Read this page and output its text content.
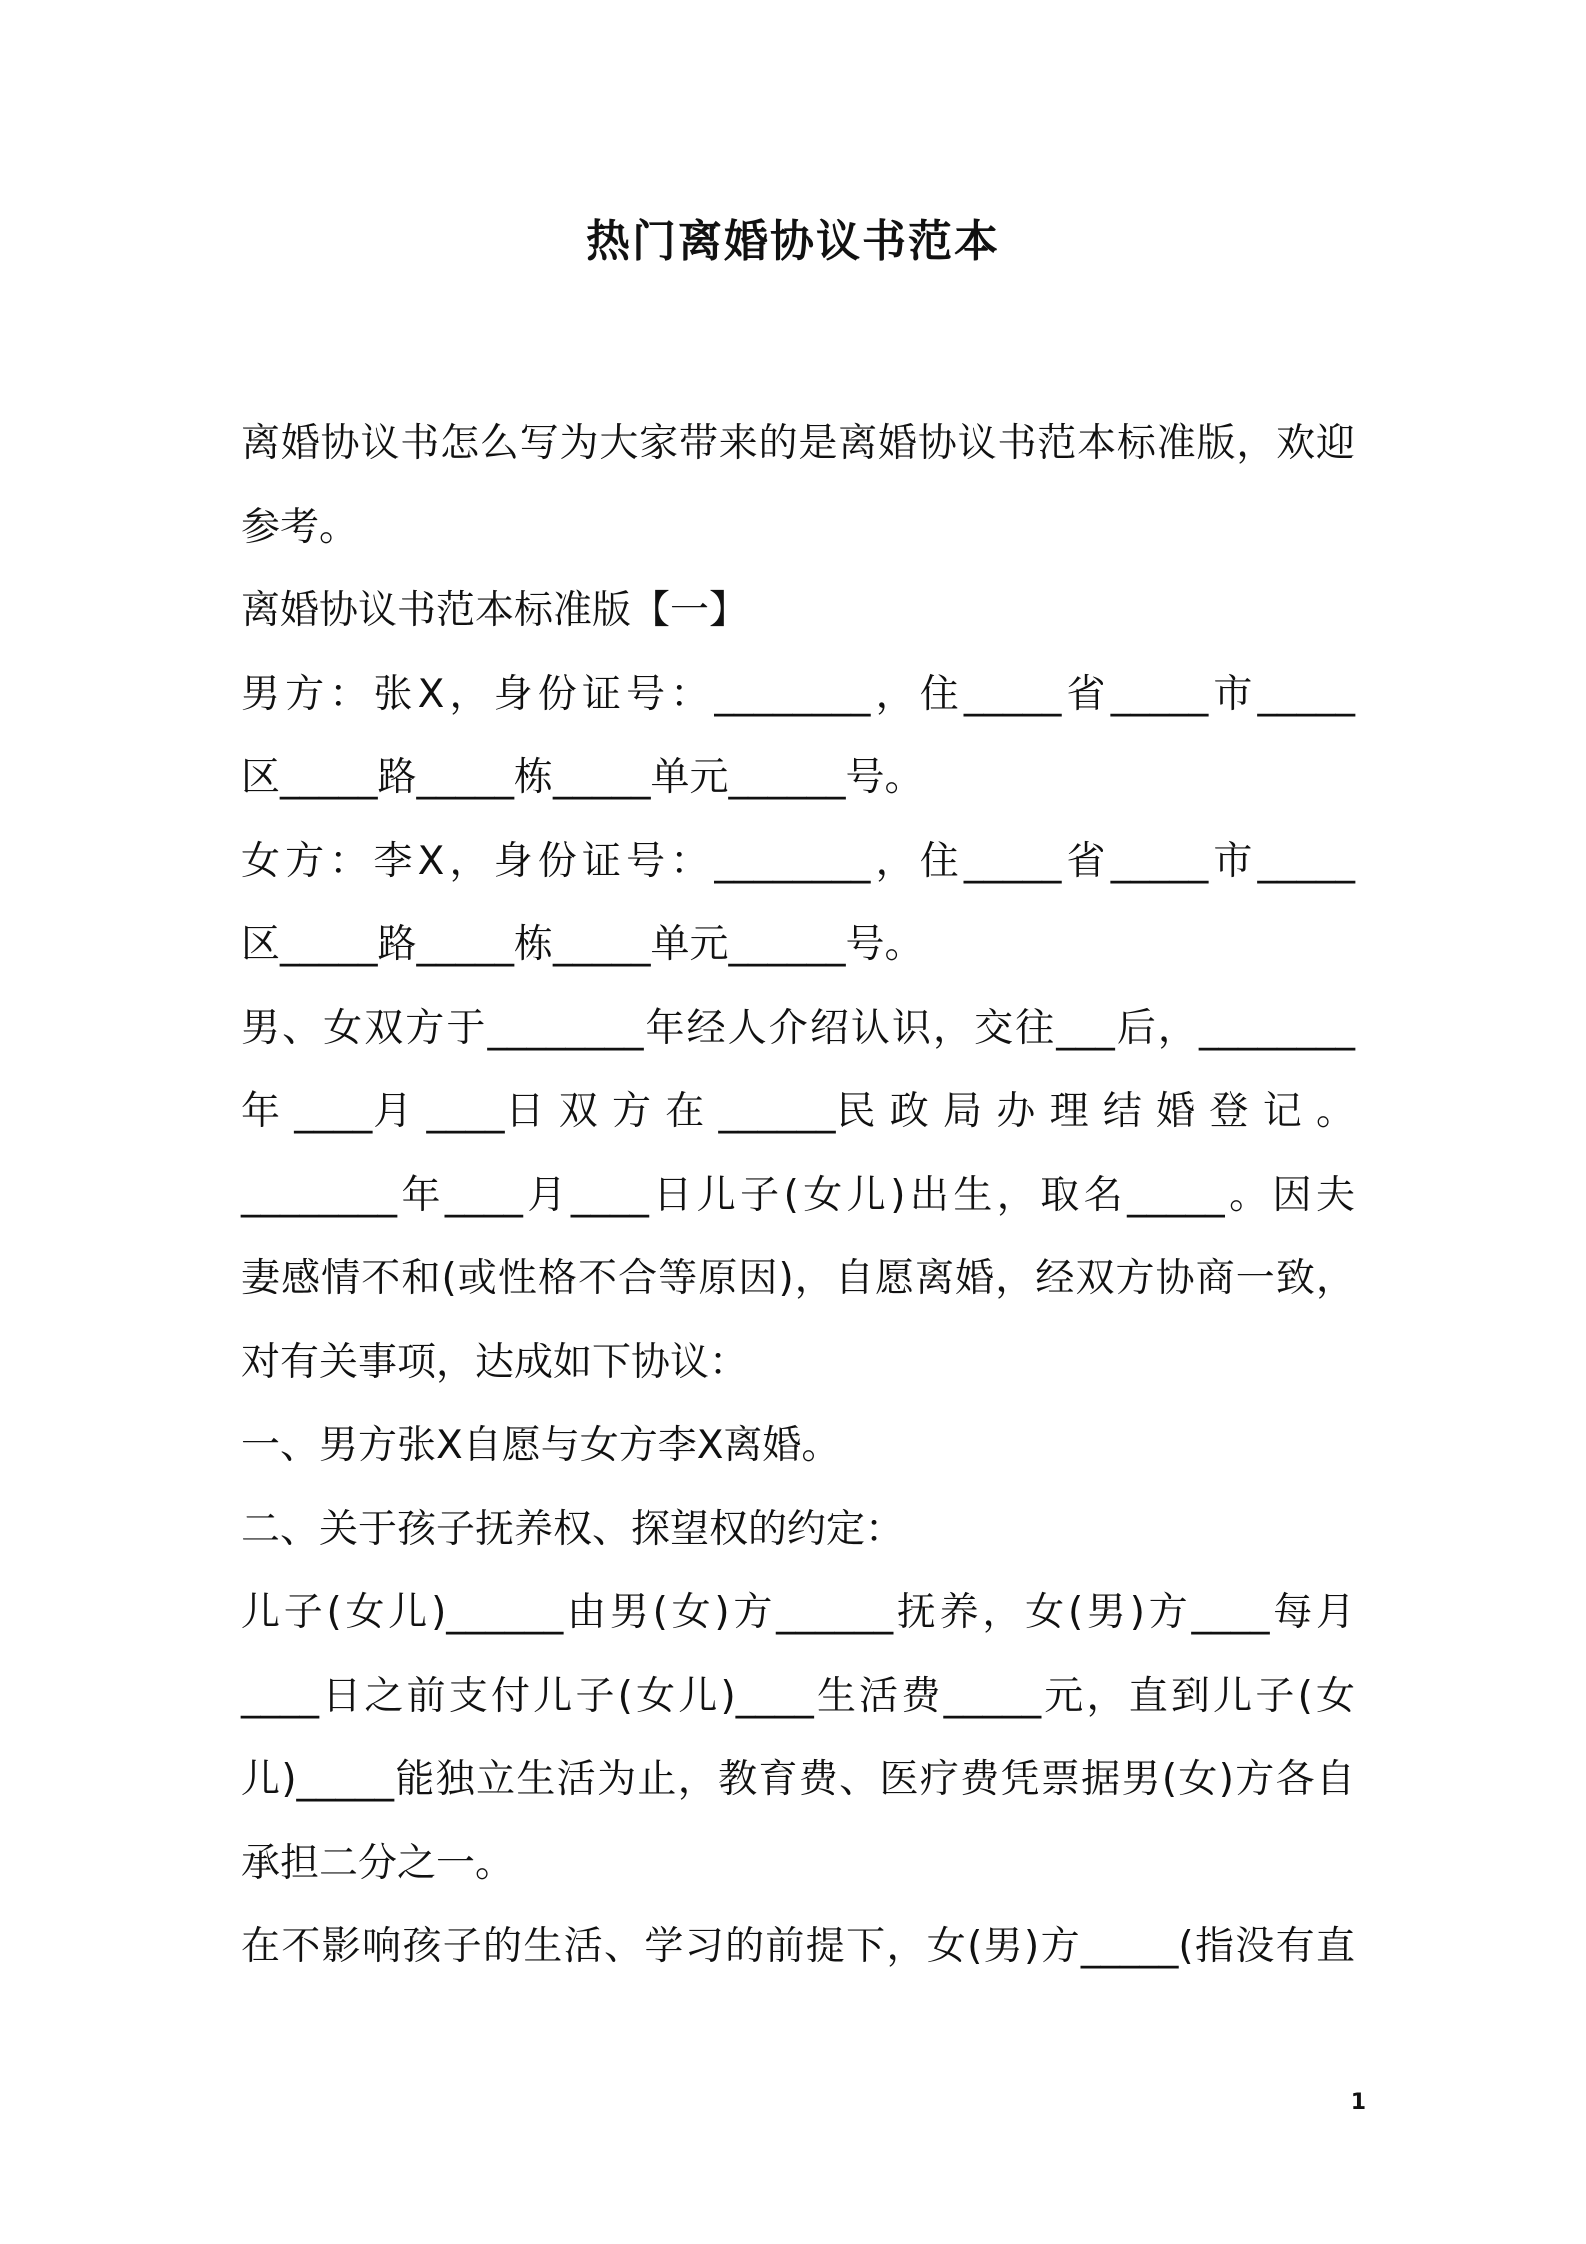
热门离婚协议书范本
离婚协议书怎么写为大家带来的是离婚协议书范本标准版，欢迎
参考。
离婚协议书范本标准版【一】
男方：张X，身份证号：________，住_____省_____市_____
区_____路_____栋_____单元______号。
女方：李X，身份证号：________，住_____省_____市_____
区_____路_____栋_____单元______号。
男、女双方于________年经人介绍认识，交往___后，________
年 ____月 ____日 双 方 在 ______民 政 局 办 理 结 婚 登 记 。
________年____月____日儿子(女儿)出生，取名_____。因夫
妻感情不和(或性格不合等原因)，自愿离婚，经双方协商一致，
对有关事项，达成如下协议：
一、男方张X自愿与女方李X离婚。
二、关于孩子抚养权、探望权的约定：
儿子(女儿)______由男(女)方______抚养，女(男)方____每月
____日之前支付儿子(女儿)____生活费_____元，直到儿子(女
儿)_____能独立生活为止，教育费、医疗费凭票据男(女)方各自
承担二分之一。
在不影响孩子的生活、学习的前提下，女(男)方_____(指没有直
1
